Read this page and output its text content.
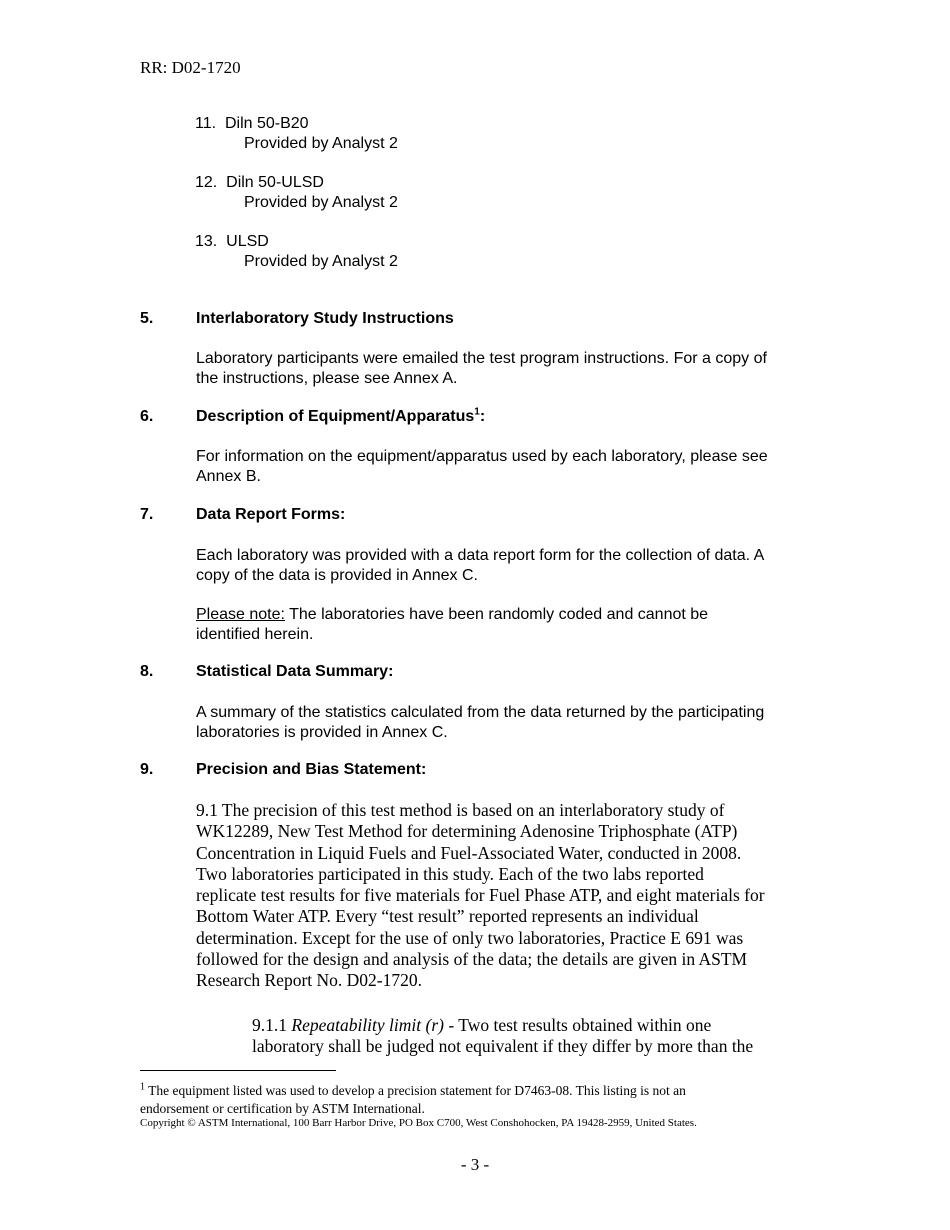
RR: D02-1720
11. Diln 50-B20
Provided by Analyst 2
12. Diln 50-ULSD
Provided by Analyst 2
13. ULSD
Provided by Analyst 2
5.	Interlaboratory Study Instructions
Laboratory participants were emailed the test program instructions. For a copy of
the instructions, please see Annex A.
6.	Description of Equipment/Apparatus$^1$:
For information on the equipment/apparatus used by each laboratory, please see
Annex B.
7.	Data Report Forms:
Each laboratory was provided with a data report form for the collection of data. A
copy of the data is provided in Annex C.
Please note: The laboratories have been randomly coded and cannot be
identified herein.
8.	Statistical Data Summary:
A summary of the statistics calculated from the data returned by the participating
laboratories is provided in Annex C.
9.	Precision and Bias Statement:
9.1 The precision of this test method is based on an interlaboratory study of
WK12289, New Test Method for determining Adenosine Triphosphate (ATP)
Concentration in Liquid Fuels and Fuel-Associated Water, conducted in 2008.
Two laboratories participated in this study. Each of the two labs reported
replicate test results for five materials for Fuel Phase ATP, and eight materials for
Bottom Water ATP. Every “test result” reported represents an individual
determination. Except for the use of only two laboratories, Practice E 691 was
followed for the design and analysis of the data; the details are given in ASTM
Research Report No. D02-1720.
9.1.1 Repeatability limit (r) - Two test results obtained within one
laboratory shall be judged not equivalent if they differ by more than the
$^1$ The equipment listed was used to develop a precision statement for D7463-08. This listing is not an
endorsement or certification by ASTM International.
Copyright © ASTM International, 100 Barr Harbor Drive, PO Box C700, West Conshohocken, PA 19428-2959, United States.
- 3 -
